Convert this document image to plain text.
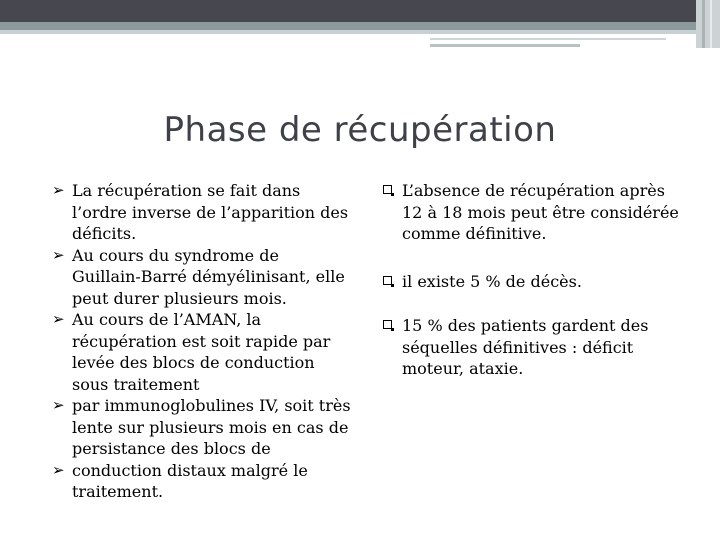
Phase de récupération
➢ La récupération se fait dans l’ordre inverse de l’apparition des déficits.
➢ Au cours du syndrome de Guillain-Barré démyélinisant, elle peut durer plusieurs mois.
➢ Au cours de l’AMAN, la récupération est soit rapide par levée des blocs de conduction sous traitement
➢ par immunoglobulines IV, soit très lente sur plusieurs mois en cas de persistance des blocs de
➢ conduction distaux malgré le traitement.
L’absence de récupération après 12 à 18 mois peut être considérée comme définitive.
il existe 5 % de décès.
15 % des patients gardent des séquelles définitives : déficit moteur, ataxie.
